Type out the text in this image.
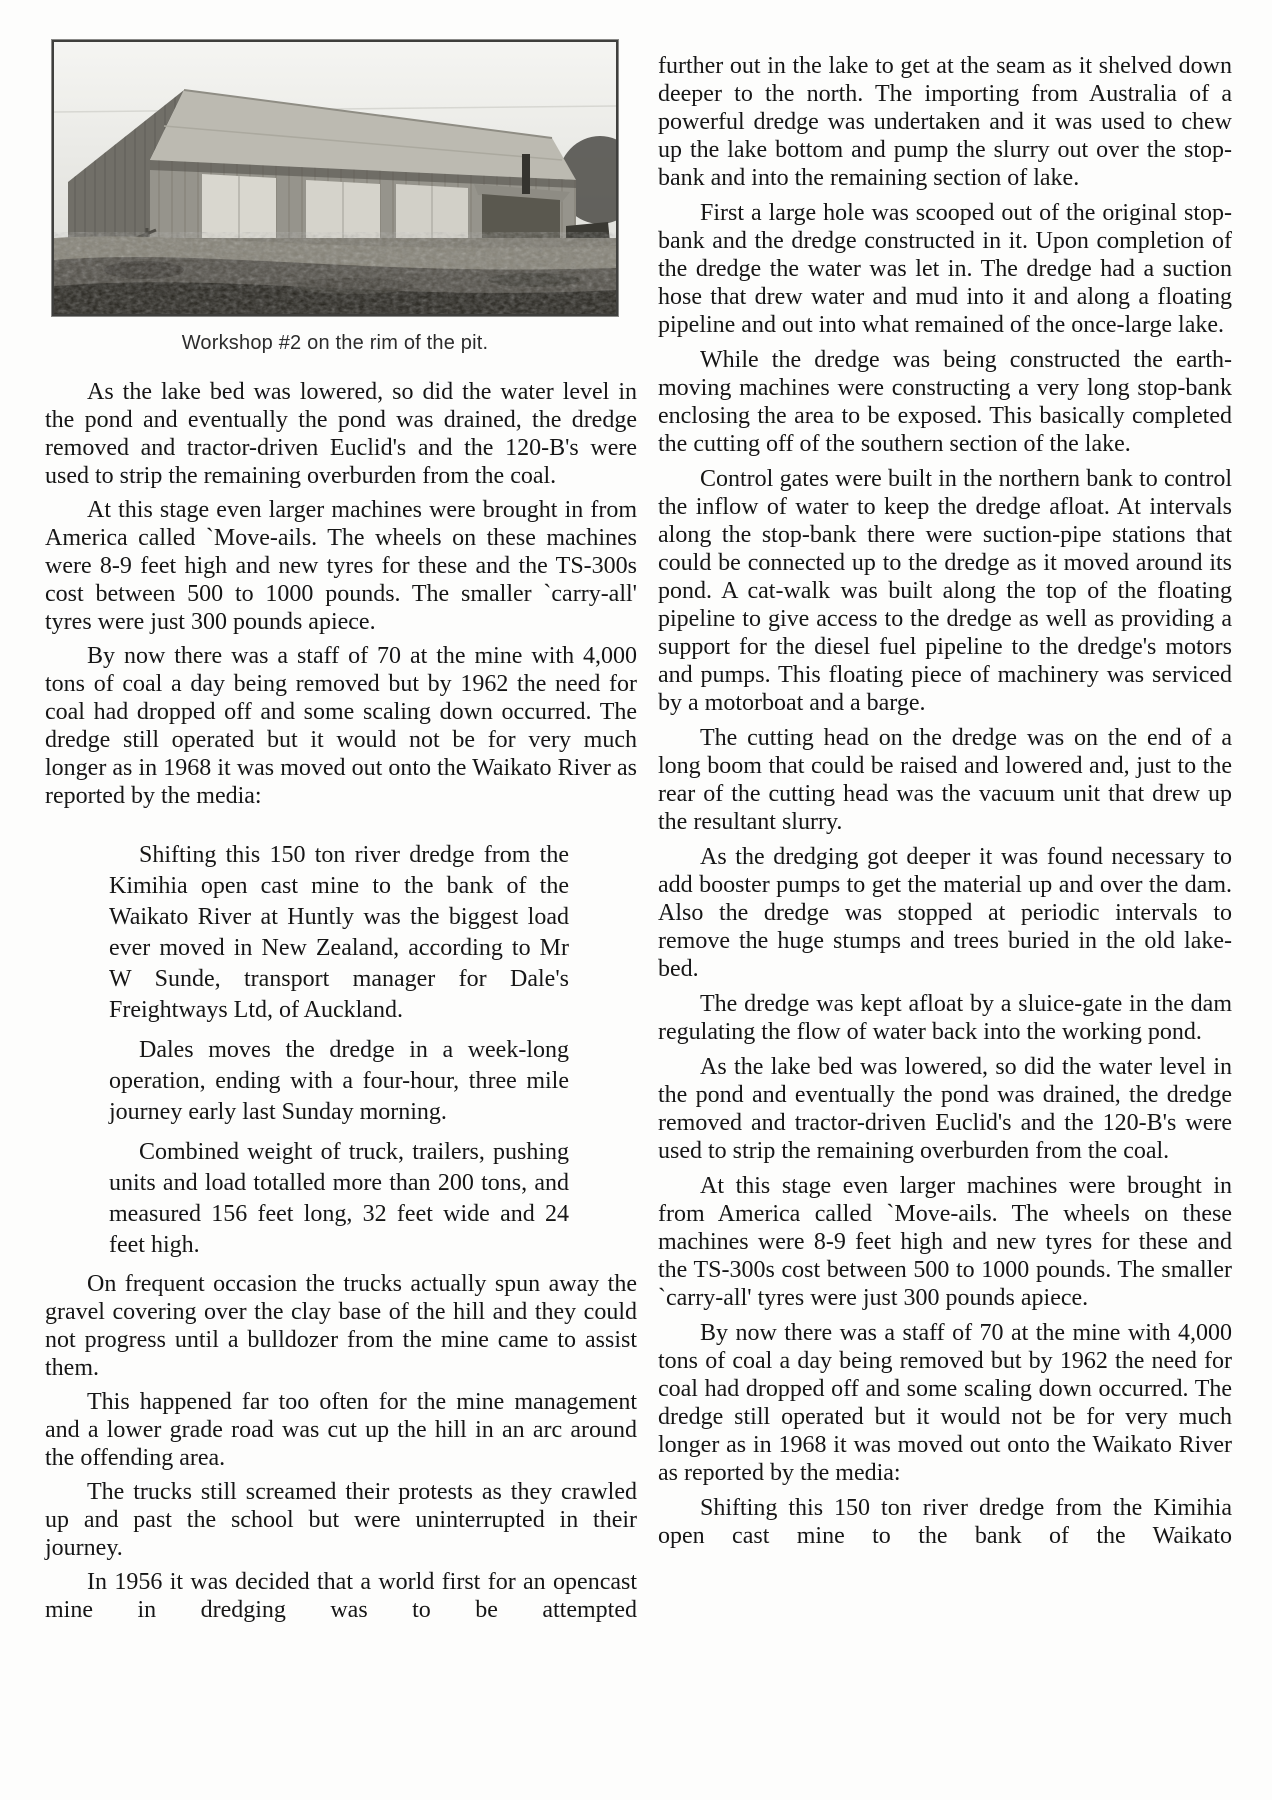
Workshop #2 on the rim of the pit.

As the lake bed was lowered, so did the water level in the pond and eventually the pond was drained, the dredge removed and tractor-driven Euclid's and the 120-B's were used to strip the remaining overburden from the coal.

At this stage even larger machines were brought in from America called `Move-ails. The wheels on these machines were 8-9 feet high and new tyres for these and the TS-300s cost between 500 to 1000 pounds. The smaller `carry-all' tyres were just 300 pounds apiece.

By now there was a staff of 70 at the mine with 4,000 tons of coal a day being removed but by 1962 the need for coal had dropped off and some scaling down occurred. The dredge still operated but it would not be for very much longer as in 1968 it was moved out onto the Waikato River as reported by the media:

Shifting this 150 ton river dredge from the Kimihia open cast mine to the bank of the Waikato River at Huntly was the biggest load ever moved in New Zealand, according to Mr W Sunde, transport manager for Dale's Freightways Ltd, of Auckland.

Dales moves the dredge in a week-long operation, ending with a four-hour, three mile journey early last Sunday morning.

Combined weight of truck, trailers, pushing units and load totalled more than 200 tons, and measured 156 feet long, 32 feet wide and 24 feet high.

On frequent occasion the trucks actually spun away the gravel covering over the clay base of the hill and they could not progress until a bulldozer from the mine came to assist them.

This happened far too often for the mine management and a lower grade road was cut up the hill in an arc around the offending area.

The trucks still screamed their protests as they crawled up and past the school but were uninterrupted in their journey.

In 1956 it was decided that a world first for an opencast mine in dredging was to be attempted

further out in the lake to get at the seam as it shelved down deeper to the north. The importing from Australia of a powerful dredge was undertaken and it was used to chew up the lake bottom and pump the slurry out over the stop-bank and into the remaining section of lake.

First a large hole was scooped out of the original stop-bank and the dredge constructed in it. Upon completion of the dredge the water was let in. The dredge had a suction hose that drew water and mud into it and along a floating pipeline and out into what remained of the once-large lake.

While the dredge was being constructed the earth-moving machines were constructing a very long stop-bank enclosing the area to be exposed. This basically completed the cutting off of the southern section of the lake.

Control gates were built in the northern bank to control the inflow of water to keep the dredge afloat. At intervals along the stop-bank there were suction-pipe stations that could be connected up to the dredge as it moved around its pond. A cat-walk was built along the top of the floating pipeline to give access to the dredge as well as providing a support for the diesel fuel pipeline to the dredge's motors and pumps. This floating piece of machinery was serviced by a motorboat and a barge.

The cutting head on the dredge was on the end of a long boom that could be raised and lowered and, just to the rear of the cutting head was the vacuum unit that drew up the resultant slurry.

As the dredging got deeper it was found necessary to add booster pumps to get the material up and over the dam. Also the dredge was stopped at periodic intervals to remove the huge stumps and trees buried in the old lake-bed.

The dredge was kept afloat by a sluice-gate in the dam regulating the flow of water back into the working pond.

As the lake bed was lowered, so did the water level in the pond and eventually the pond was drained, the dredge removed and tractor-driven Euclid's and the 120-B's were used to strip the remaining overburden from the coal.

At this stage even larger machines were brought in from America called `Move-ails. The wheels on these machines were 8-9 feet high and new tyres for these and the TS-300s cost between 500 to 1000 pounds. The smaller `carry-all' tyres were just 300 pounds apiece.

By now there was a staff of 70 at the mine with 4,000 tons of coal a day being removed but by 1962 the need for coal had dropped off and some scaling down occurred. The dredge still operated but it would not be for very much longer as in 1968 it was moved out onto the Waikato River as reported by the media:

Shifting this 150 ton river dredge from the Kimihia open cast mine to the bank of the Waikato
